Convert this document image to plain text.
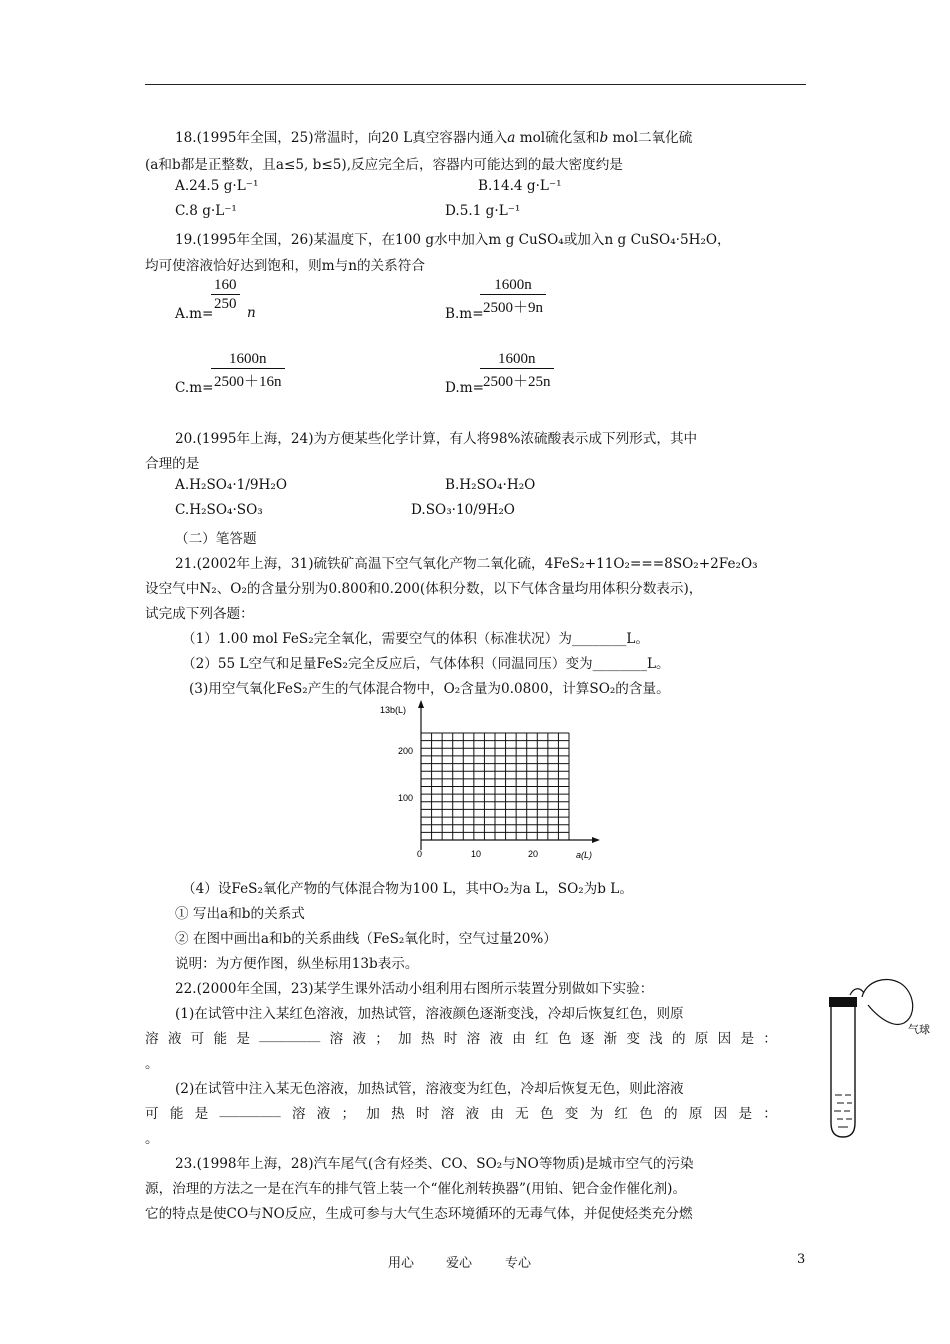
18.(1995年全国，25)常温时，向20 L真空容器内通入a mol硫化氢和b mol二氧化硫
(a和b都是正整数，且a≤5, b≤5),反应完全后，容器内可能达到的最大密度约是
A.24.5 g·L⁻¹	B.14.4 g·L⁻¹
C.8 g·L⁻¹	D.5.1 g·L⁻¹
19.(1995年全国，26)某温度下，在100 g水中加入m g CuSO₄或加入n g CuSO₄·5H₂O，
均可使溶液恰好达到饱和，则m与n的关系符合
A.m=
$\frac{160}{250}$ n	B.m=
$\frac{1600n}{2500+9n}$
C.m=
$\frac{1600n}{2500+16n}$	D.m=
$\frac{1600n}{2500+25n}$
20.(1995年上海，24)为方便某些化学计算，有人将98%浓硫酸表示成下列形式，其中
合理的是
A.H₂SO₄·1/9H₂O	B.H₂SO₄·H₂O
C.H₂SO₄·SO₃	D.SO₃·10/9H₂O
（二）笔答题
21.(2002年上海，31)硫铁矿高温下空气氧化产物二氧化硫，4FeS₂+11O₂===8SO₂+2Fe₂O₃
设空气中N₂、O₂的含量分别为0.800和0.200(体积分数，以下气体含量均用体积分数表示)，
试完成下列各题：
（1）1.00 mol FeS₂完全氧化，需要空气的体积（标准状况）为________L。
（2）55 L空气和足量FeS₂完全反应后，气体体积（同温同压）变为________L。
(3)用空气氧化FeS₂产生的气体混合物中，O₂含量为0.0800，计算SO₂的含量。
13b(L)
200
100
0	10	20	a(L)
（4）设FeS₂氧化产物的气体混合物为100 L，其中O₂为a L，SO₂为b L。
① 写出a和b的关系式
② 在图中画出a和b的关系曲线（FeS₂氧化时，空气过量20%）
说明：为方便作图，纵坐标用13b表示。
22.(2000年全国，23)某学生课外活动小组利用右图所示装置分别做如下实验：
(1)在试管中注入某红色溶液，加热试管，溶液颜色逐渐变浅，冷却后恢复红色，则原
溶 液 可 能 是 _________ 溶 液 ； 加 热 时 溶 液 由 红 色 逐 渐 变 浅 的 原 因 是 ：
。
(2)在试管中注入某无色溶液，加热试管，溶液变为红色，冷却后恢复无色，则此溶液
可 能 是 _________ 溶 液 ； 加 热 时 溶 液 由 无 色 变 为 红 色 的 原 因 是 ：
。
气球
23.(1998年上海，28)汽车尾气(含有烃类、CO、SO₂与NO等物质)是城市空气的污染
源，治理的方法之一是在汽车的排气管上装一个“催化剂转换器”(用铂、钯合金作催化剂)。
它的特点是使CO与NO反应，生成可参与大气生态环境循环的无毒气体，并促使烃类充分燃
用心 爱心	专心	3
